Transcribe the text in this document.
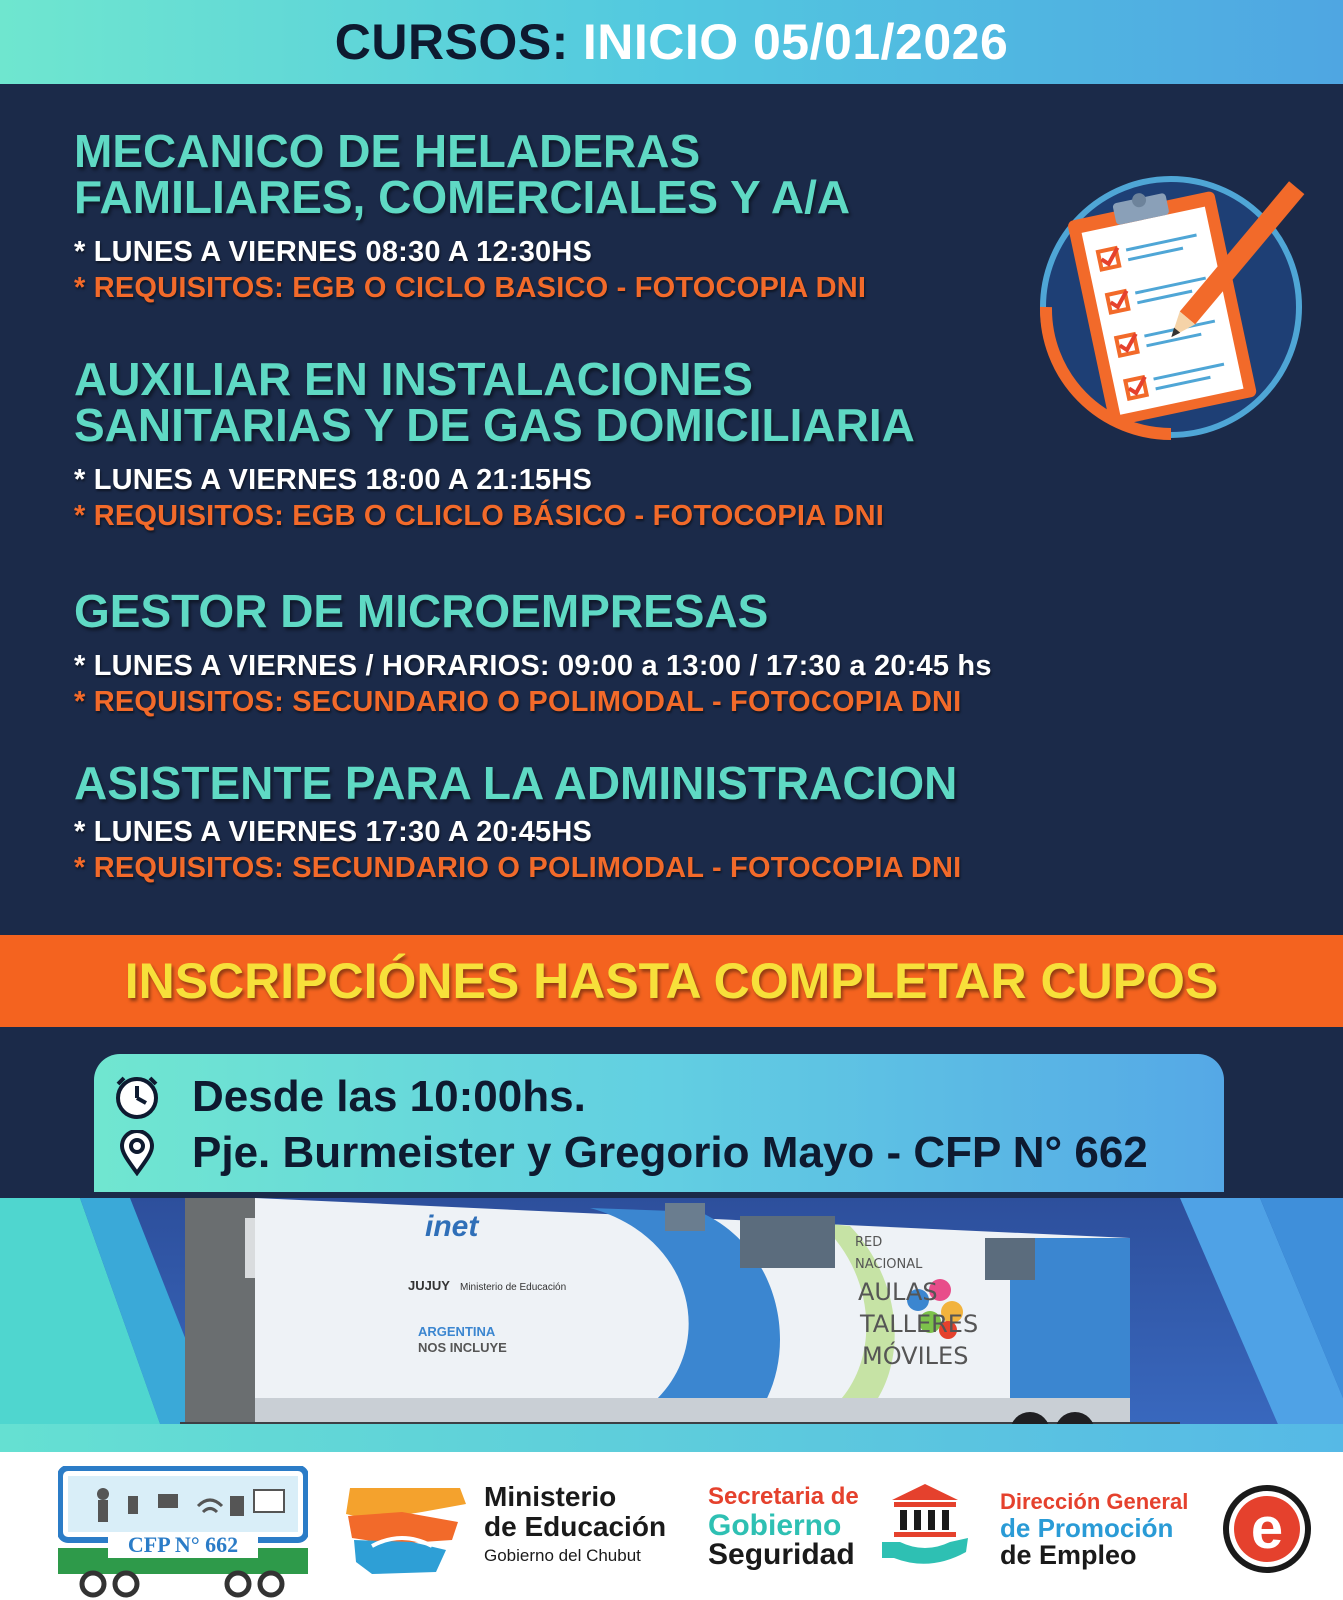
CURSOS: INICIO 05/01/2026
MECANICO DE HELADERAS
FAMILIARES, COMERCIALES Y A/A
* LUNES A VIERNES 08:30 A 12:30HS
* REQUISITOS: EGB O CICLO BASICO - FOTOCOPIA DNI
AUXILIAR EN INSTALACIONES
SANITARIAS Y DE GAS DOMICILIARIA
* LUNES A VIERNES 18:00 A 21:15HS
* REQUISITOS: EGB O CLICLO BÁSICO - FOTOCOPIA DNI
GESTOR DE MICROEMPRESAS
* LUNES A VIERNES / HORARIOS: 09:00 a 13:00 / 17:30 a 20:45 hs
* REQUISITOS: SECUNDARIO O POLIMODAL - FOTOCOPIA DNI
ASISTENTE PARA LA ADMINISTRACION
* LUNES A VIERNES 17:30 A 20:45HS
* REQUISITOS: SECUNDARIO O POLIMODAL - FOTOCOPIA DNI
INSCRIPCIÓNES HASTA COMPLETAR CUPOS
Desde las 10:00hs.
Pje. Burmeister y Gregorio Mayo - CFP N° 662
inet
JUJUY Ministerio de Educación
ARGENTINA
NOS INCLUYE
RED
NACIONAL
AULAS
TALLERES
MÓVILES
CFP N° 662
Ministerio
de Educación
Gobierno del Chubut
Secretaria de
Gobierno
Seguridad
Dirección General
de Promoción
de Empleo	e
